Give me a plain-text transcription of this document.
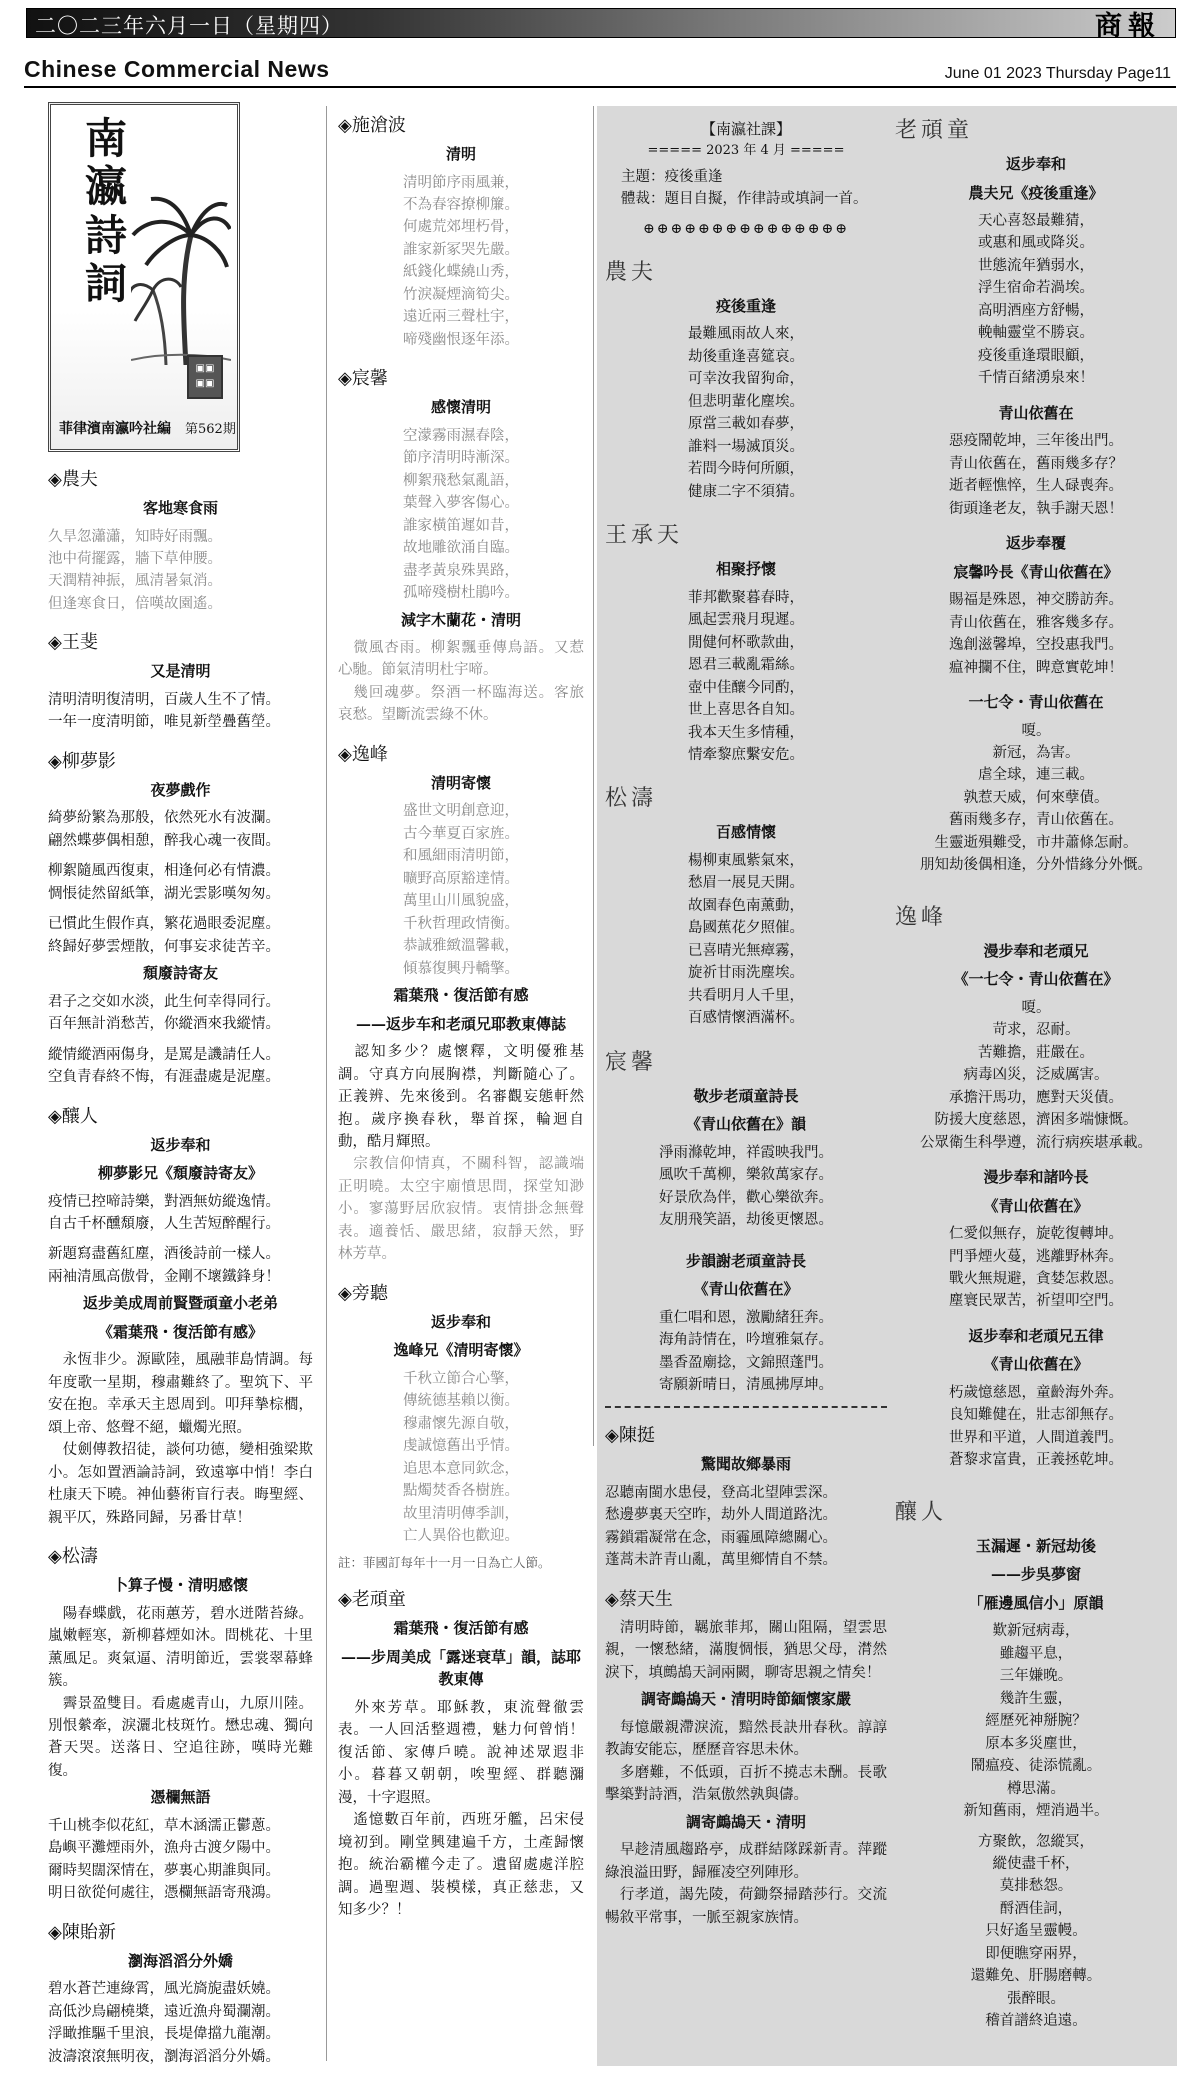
二〇二三年六月一日（星期四）	商報
Chinese Commercial News	June 01 2023 Thursday Page11
南瀛詩詞
▣▣
▣▣
菲律濱南瀛吟社編　 第562期
◈農夫
客地寒食雨
久旱忽瀟瀟，知時好雨飄。
池中荷擺露，牆下草伸腰。
天潤精神振，風清暑氣消。
但逢寒食日，倍嘆故園遙。
◈王斐
又是清明
清明清明復清明，百歲人生不了情。
一年一度清明節，唯見新塋疊舊塋。
◈柳夢影
夜夢戲作
綺夢紛繁為那般，依然死水有波瀾。
翩然蝶夢偶相憩，醉我心魂一夜間。
柳絮隨風西復東，相逢何必有情濃。
惆悵徒然留紙筆，湖光雲影嘆匆匆。
已慣此生假作真，繁花過眼委泥塵。
終歸好夢雲煙散，何事妄求徒苦辛。
頹廢詩寄友
君子之交如水淡，此生何幸得同行。
百年無計消愁苦，你縱酒來我縱情。
縱情縱酒兩傷身，是罵是譏請任人。
空負青春終不悔，有涯盡處是泥塵。
◈釀人
返步奉和
柳夢影兄《頹廢詩寄友》
疫情已控啼詩樂，對酒無妨縱逸情。
自古千杯醺頹廢，人生苦短醉醒行。
新題寫盡舊紅塵，酒後詩前一樣人。
兩袖清風高傲骨，金剛不壞鐵鋒身！
返步美成周前賢暨頑童小老弟
《霜葉飛・復活節有感》
　永恆非少。源歐陸，風融菲島情調。每年度歌一星期，穆肅難終了。聖筑下、平安在抱。幸承天主恩周到。叩拜摯棕櫚，頌上帝、悠聲不絕，蠟燭光照。
　仗劍傳教招徒，談何功德，變相強梁欺小。怎如置酒論詩詞，致遠寧中悄！李白杜康天下曉。神仙藝術盲行表。晦聖經、親平仄，殊路同歸，另番甘草！
◈松濤
卜算子慢・清明感懷
　陽春蝶戲，花雨蕙芳，碧水迸階苔綠。嵐嫩輕寒，新柳暮煙如沐。問桃花、十里薰風足。爽氣逼、清明節近，雲裳翠幕蜂簇。
　霽景盈雙目。看處處青山，九原川陸。別恨縈牽，淚灑北枝斑竹。懋忠魂、獨向蒼天哭。送落日、空追往跡，嘆時光難復。
憑欄無語
千山桃李似花紅，草木涵濡正鬱蔥。
島嶼平灘煙雨外，漁舟古渡夕陽中。
爾時契闊深情在，夢裏心期誰與同。
明日欲從何處往，憑欄無語寄飛鴻。
◈陳貽新
瀏海滔滔分外嬌
碧水蒼芒連綠霄，風光旖旎盡妖嬈。
高低沙鳥翩橈槳，遠近漁舟蜀瀾潮。
浮瞰推驅千里浪，長堤偉擋九龍潮。
波濤滾滾無明夜，瀏海滔滔分外嬌。
◈施滄波
清明
清明節序雨風兼，
不為春容撩柳簾。
何處荒郊埋朽骨，
誰家新冢哭先嚴。
紙錢化蝶繞山秀，
竹淚凝煙滴筍尖。
遠近兩三聲杜宇，
啼殘幽恨逐年添。
◈宸馨
感懷清明
空濛霧雨濕春陰，
節序清明時漸深。
柳絮飛愁氣亂語，
葉聲入夢客傷心。
誰家橫笛遲如昔，
故地雕欲涌自臨。
盡孝黃泉殊異路，
孤啼殘樹杜鵑吟。
減字木蘭花・清明
　微風杏雨。柳絮飄垂傳鳥語。又惹心馳。節氣清明杜宇啼。
　幾回魂夢。祭酒一杯臨海送。客旅哀愁。望斷流雲綠不休。
◈逸峰
清明寄懷
盛世文明創意迎，
古今華夏百家旌。
和風細雨清明節，
曠野高原豁達情。
萬里山川風貌盛，
千秋哲理政情衡。
恭誠雅緻溫馨載，
傾慕復興丹轎擎。
霜葉飛・復活節有感
——返步车和老頑兄耶教東傳誌
　認知多少？處懷釋，文明優雅基調。守真方向展胸襟，判斷隨心了。正義辨、先來後到。名審觀妄態軒然抱。歲序換春秋，舉首探，輪迴自動，酷月輝照。
　宗教信仰情真，不關科智，認識端正明曉。太空宇廟憤思問，探堂知渺小。寥蕩野居欣寂情。衷情掛念無聲表。適養恬、嚴思緒，寂靜天然，野林芳草。
◈旁聽
返步奉和
逸峰兄《清明寄懷》
千秋立節合心擎，
傳統德基賴以衡。
穆肅懷先源自敬，
虔誠憶舊出乎情。
追思本意同欽念，
點燭焚香各樹旌。
故里清明傳季訓，
亡人異俗也歡迎。
註：菲國訂每年十一月一日為亡人節。
◈老頑童
霜葉飛・復活節有感
——步周美成「露迷衰草」韻，誌耶教東傳
　外來芳草。耶穌教，東流聲徹雲表。一人回活整週禮，魅力何曾悄！復活節、家傳戶曉。說神述眾遐非小。暮暮又朝朝，唉聖經、群聽瀰漫，十字遐照。
　遙憶數百年前，西班牙艦，呂宋侵境初到。剛堂興建遍千方，土產歸懷抱。統治霸權今走了。遺留處處洋腔調。過聖週、裝模樣，真正慈悲，又知多少？！
【南瀛社課】
===== 2023 年 4 月 =====
主題：疫後重逢
體裁：題目自擬，作律詩或填詞一首。
⊕⊕⊕⊕⊕⊕⊕⊕⊕⊕⊕⊕⊕⊕⊕
農夫
疫後重逢
最難風雨故人來，
劫後重逢喜筵哀。
可幸汝我留狗命，
但悲明輩化塵埃。
原當三載如春夢，
誰料一場滅頂災。
若問今時何所願，
健康二字不須猜。
王承天
相聚抒懷
菲邦歡聚暮春時，
風起雲飛月現遲。
閒健何杯歌款曲，
恩君三載亂霜絲。
壺中佳釀今同酌，
世上喜思各自知。
我本天生多情種，
情牽黎庶繫安危。
松濤
百感情懷
楊柳東風紫氣來，
愁眉一展見天開。
故園春色南薰動，
島國蕉花夕照催。
已喜晴光無瘴霧，
旋祈甘雨洗塵埃。
共看明月人千里，
百感情懷酒滿杯。
宸馨
敬步老頑童詩長
《青山依舊在》韻
淨雨滌乾坤，祥霞映我門。
風吹千萬柳，樂敘萬家存。
好景欣為伴，歡心樂欲奔。
友朋飛笑語，劫後更懷恩。
步韻謝老頑童詩長
《青山依舊在》
重仁唱和恩，激勵緒狂奔。
海角詩情在，吟壇雅氣存。
墨香盈廟捻，文錦照蓬門。
寄願新晴日，清風拂厚坤。
◈陳挺
驚聞故鄉暴雨
忍聽南閩水患侵，登高北望陣雲深。
愁邊夢裏天空昨，劫外人間道路沈。
霧鎖霜凝常在念，雨霾風障總關心。
蓬蒿未許青山亂，萬里鄉情自不禁。
◈蔡天生
　清明時節，羈旅菲邦，關山阻隔，望雲思親，一懷愁緒，滿腹惆悵，猶思父母，潸然淚下，填鷓鴣天詞兩闕，聊寄思親之情矣！
調寄鷓鴣天・清明時節緬懷家嚴
　每憶嚴親滯淚流，黯然長訣卅春秋。諄諄教誨安能忘，歷歷音容思未休。
　多磨難，不低頭，百折不撓志未酬。長歌擊築對詩酒，浩氣傲然孰與儔。
調寄鷓鴣天・清明
　早趁清風趨路亭，成群結隊踩新青。萍蹤綠浪溢田野，歸雁凌空列陣形。
　行孝道，謁先陵，荷鋤祭掃踏莎行。交流暢敘平常事，一脈至親家族情。
老頑童
返步奉和
農夫兄《疫後重逢》
天心喜怒最難猜，
或惠和風或降災。
世態流年猶弱水，
浮生宿命若渦埃。
高明酒座方舒暢，
輓軸靈堂不勝哀。
疫後重逢環眼顧，
千情百緒湧泉來！
青山依舊在
惡疫鬧乾坤，三年後出門。
青山依舊在，舊雨幾多存？
逝者輕憔悴，生人碌喪奔。
街頭逢老友，執手謝天恩！
返步奉覆
宸馨吟長《青山依舊在》
賜福是殊恩，神交勝訪奔。
青山依舊在，雅客幾多存。
逸創滋馨埠，空投惠我門。
瘟神攔不住，睥意實乾坤！
一七令・青山依舊在
嗄。
新冠，為害。
虐全球，連三載。
孰惹天威，何來孽債。
舊雨幾多存，青山依舊在。
生靈逝殞難受，市井蕭條怎耐。
朋知劫後偶相逢，分外惜緣分外慨。
逸峰
漫步奉和老頑兄
《一七令・青山依舊在》
嗄。
苛求，忍耐。
苦難擔，莊嚴在。
病毒凶災，泛威厲害。
承擔汗馬功，應對天災債。
防援大度慈恩，濟困多端慷慨。
公眾衛生科學遵，流行病疾堪承載。
漫步奉和諸吟長
《青山依舊在》
仁愛似無存，旋乾復轉坤。
門爭煙火蔓，逃離野林奔。
戰火無規避，貪婪怎救恩。
塵寰民眾苦，祈望叩空門。
返步奉和老頑兄五律
《青山依舊在》
朽歲憶慈恩，童齡海外奔。
良知難健在，壯志卻無存。
世界和平道，人間道義門。
蒼黎求富貴，正義拯乾坤。
釀人
玉漏遲・新冠劫後
——步吳夢窗
「雁邊風信小」原韻
歎新冠病毒，
雖趨平息，
三年嫌晚。
幾許生靈，
經歷死神掰腕？
原本多災塵世，
鬧瘟疫、徒添慌亂。
樽思滿。
新知舊雨，煙消過半。
方聚飲，忽縱冥，
縱使盡千杯，
莫排愁怨。
酹酒佳詞，
只好遙呈靈幔。
即便瞧穿兩界，
還難免、肝腸磨轉。
張醉眼。
稽首譜終追遠。
